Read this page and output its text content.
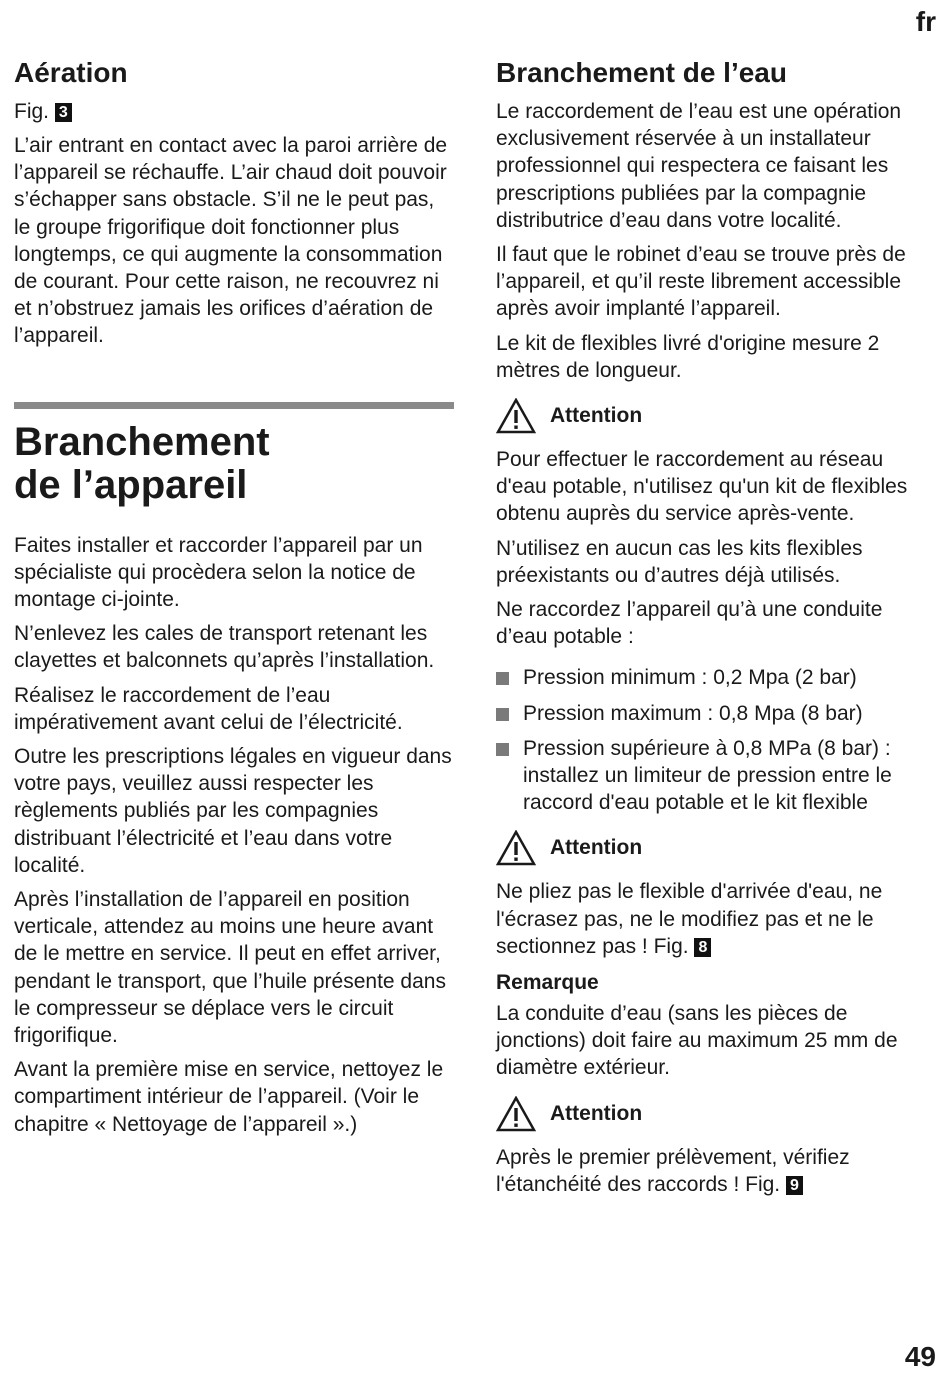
fr
Aération
Fig. 3

L’air entrant en contact avec la paroi arrière de l’appareil se réchauffe. L’air chaud doit pouvoir s’échapper sans obstacle. S’il ne le peut pas, le groupe frigorifique doit fonctionner plus longtemps, ce qui augmente la consommation de courant. Pour cette raison, ne recouvrez ni et n’obstruez jamais les orifices d’aération de l’appareil.

Branchement
de l’appareil

Faites installer et raccorder l’appareil par un spécialiste qui procèdera selon la notice de montage ci-jointe.

N’enlevez les cales de transport retenant les clayettes et balconnets qu’après l’installation.

Réalisez le raccordement de l’eau impérativement avant celui de l’électricité.

Outre les prescriptions légales en vigueur dans votre pays, veuillez aussi respecter les règlements publiés par les compagnies distribuant l’électricité et l’eau dans votre localité.

Après l’installation de l’appareil en position verticale, attendez au moins une heure avant de le mettre en service. Il peut en effet arriver, pendant le transport, que l’huile présente dans le compresseur se déplace vers le circuit frigorifique.

Avant la première mise en service, nettoyez le compartiment intérieur de l’appareil. (Voir le chapitre « Nettoyage de l’appareil ».)

Branchement de l’eau

Le raccordement de l’eau est une opération exclusivement réservée à un installateur professionnel qui respectera ce faisant les prescriptions publiées par la compagnie distributrice d’eau dans votre localité.

Il faut que le robinet d’eau se trouve près de l’appareil, et qu’il reste librement accessible après avoir implanté l’appareil.

Le kit de flexibles livré d'origine mesure 2 mètres de longueur.

Attention

Pour effectuer le raccordement au réseau d'eau potable, n'utilisez qu'un kit de flexibles obtenu auprès du service après-vente.

N’utilisez en aucun cas les kits flexibles préexistants ou d’autres déjà utilisés.

Ne raccordez l’appareil qu’à une conduite d’eau potable :

Pression minimum : 0,2 Mpa (2 bar)
Pression maximum : 0,8 Mpa (8 bar)
Pression supérieure à 0,8 MPa (8 bar) : installez un limiteur de pression entre le raccord d'eau potable et le kit flexible
Attention

Ne pliez pas le flexible d'arrivée d'eau, ne l'écrasez pas, ne le modifiez pas et ne le sectionnez pas ! Fig. 8

Remarque

La conduite d’eau (sans les pièces de jonctions) doit faire au maximum 25 mm de diamètre extérieur.

Attention

Après le premier prélèvement, vérifiez l'étanchéité des raccords ! Fig. 9

49
